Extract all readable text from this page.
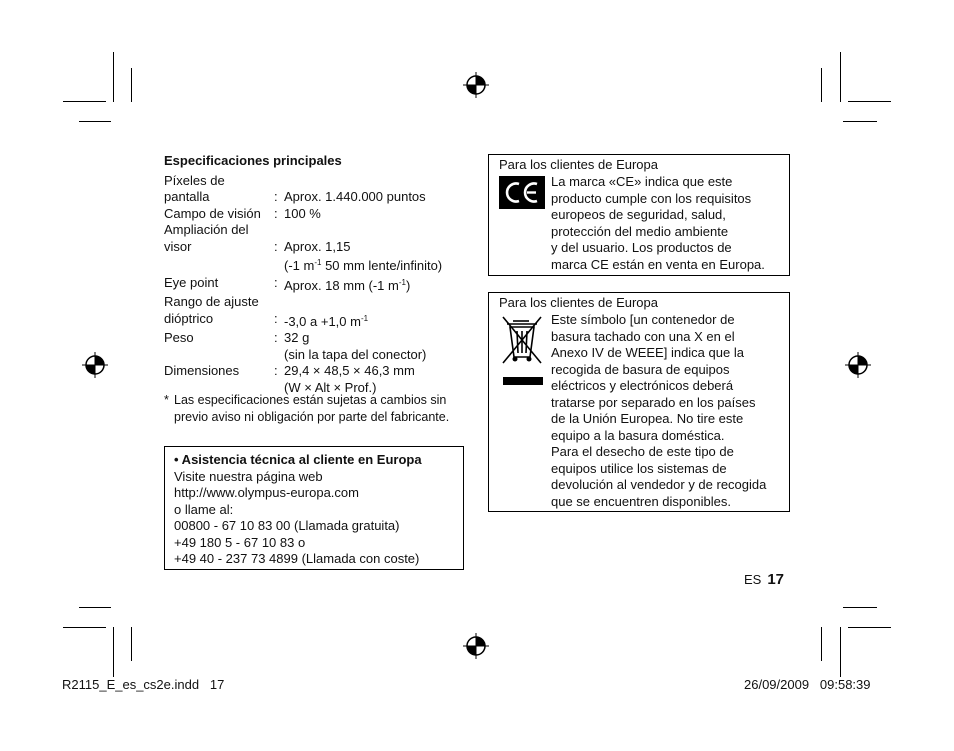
Especificaciones principales
Píxeles de

pantalla	: Aprox. 1.440.000 puntos
Campo de visión : 100 %
Ampliación del

visor	: Aprox. 1,15
(-1 $m^{-1}$ 50 mm lente/infinito)
Eye point	: Aprox. 18 mm (-1 $m^{-1}$)
Rango de ajuste

dióptrico	: -3,0 a +1,0 $m^{-1}$
Peso	: 32 g
(sin la tapa del conector)
Dimensiones	: 29,4 × 48,5 × 46,3 mm
(W × Alt × Prof.)
* Las especificaciones están sujetas a cambios sin
previo aviso ni obligación por parte del fabricante.
• Asistencia técnica al cliente en Europa
Visite nuestra página web
http://www.olympus-europa.com
o llame al:
00800 - 67 10 83 00 (Llamada gratuita)
+49 180 5 - 67 10 83 o
+49 40 - 237 73 4899 (Llamada con coste)
Para los clientes de Europa
La marca «CE» indica que este
producto cumple con los requisitos
europeos de seguridad, salud,
protección del medio ambiente
y del usuario. Los productos de
marca CE están en venta en Europa.
Para los clientes de Europa
Este símbolo [un contenedor de
basura tachado con una X en el
Anexo IV de WEEE] indica que la
recogida de basura de equipos
eléctricos y electrónicos deberá
tratarse por separado en los países
de la Unión Europea. No tire este
equipo a la basura doméstica.
Para el desecho de este tipo de
equipos utilice los sistemas de
devolución al vendedor y de recogida
que se encuentren disponibles.
ES 17
R2115_E_es_cs2e.indd   17	26/09/2009   09:58:39
